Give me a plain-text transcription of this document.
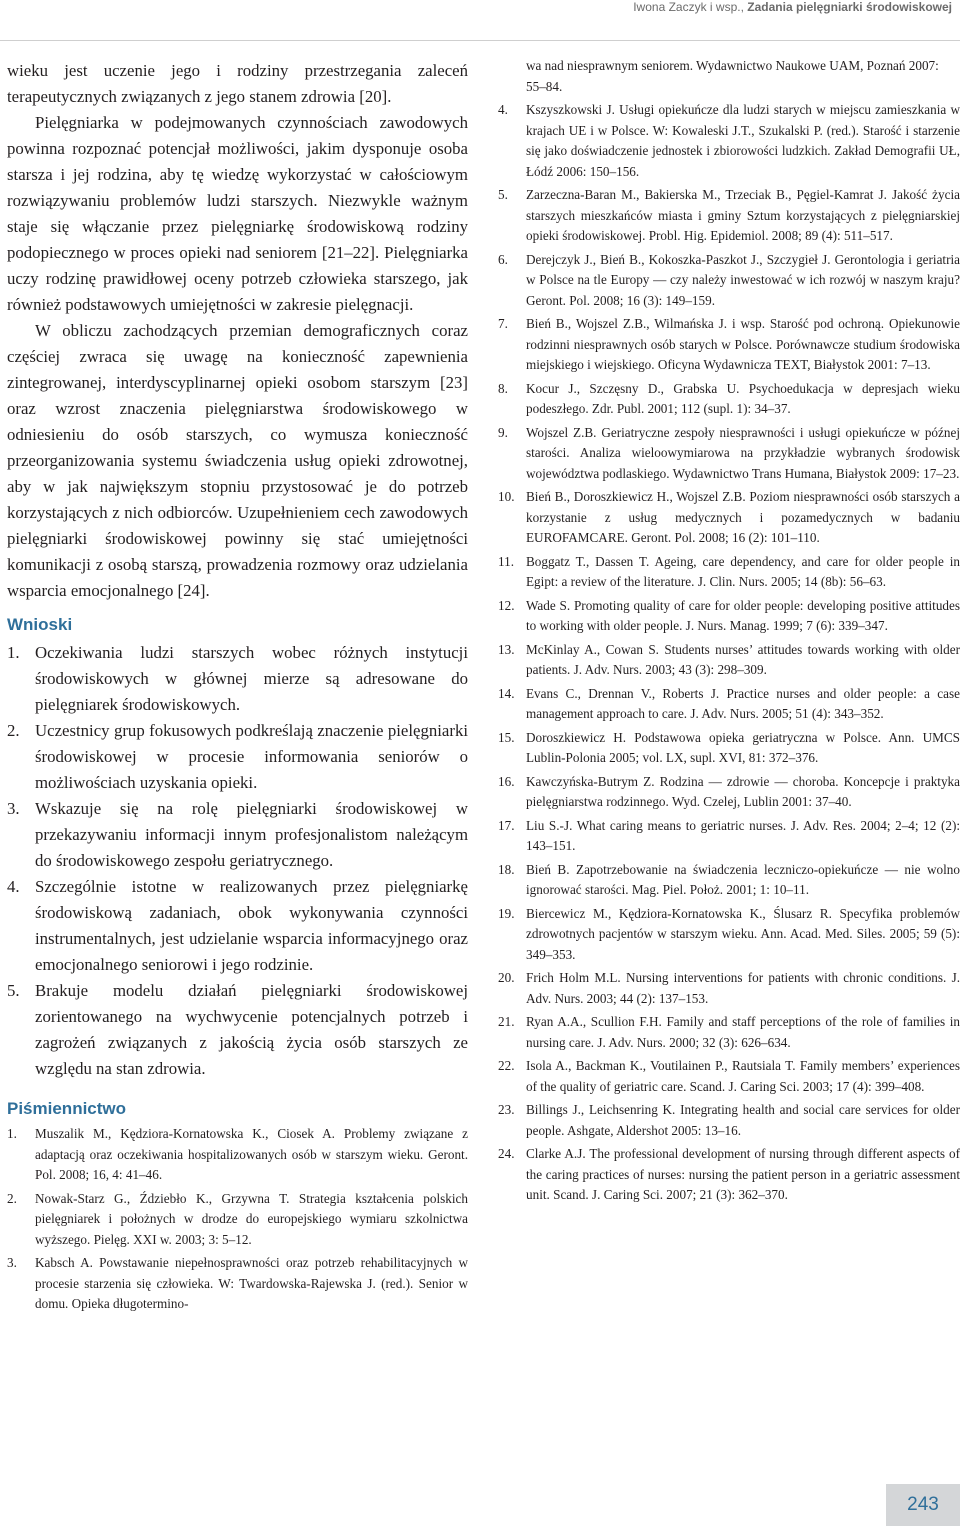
Iwona Zaczyk i wsp., Zadania pielęgniarki środowiskowej

wieku jest uczenie jego i rodziny przestrzegania zaleceń terapeutycznych związanych z jego stanem zdrowia [20].

Pielęgniarka w podejmowanych czynnościach zawodowych powinna rozpoznać potencjał możliwości, jakim dysponuje osoba starsza i jej rodzina, aby tę wiedzę wykorzystać w całościowym rozwiązywaniu problemów ludzi starszych. Niezwykle ważnym staje się włączanie przez pielęgniarkę środowiskową rodziny podopiecznego w proces opieki nad seniorem [21–22]. Pielęgniarka uczy rodzinę prawidłowej oceny potrzeb człowieka starszego, jak również podstawowych umiejętności w zakresie pielęgnacji.

W obliczu zachodzących przemian demograficznych coraz częściej zwraca się uwagę na konieczność zapewnienia zintegrowanej, interdyscyplinarnej opieki osobom starszym [23] oraz wzrost znaczenia pielęgniarstwa środowiskowego w odniesieniu do osób starszych, co wymusza konieczność przeorganizowania systemu świadczenia usług opieki zdrowotnej, aby w jak największym stopniu przystosować je do potrzeb korzystających z nich odbiorców. Uzupełnieniem cech zawodowych pielęgniarki środowiskowej powinny się stać umiejętności komunikacji z osobą starszą, prowadzenia rozmowy oraz udzielania wsparcia emocjonalnego [24].

Wnioski
1. Oczekiwania ludzi starszych wobec różnych instytucji środowiskowych w głównej mierze są adresowane do pielęgniarek środowiskowych.
2. Uczestnicy grup fokusowych podkreślają znaczenie pielęgniarki środowiskowej w procesie informowania seniorów o możliwościach uzyskania opieki.
3. Wskazuje się na rolę pielęgniarki środowiskowej w przekazywaniu informacji innym profesjonalistom należącym do środowiskowego zespołu geriatrycznego.
4. Szczególnie istotne w realizowanych przez pielęgniarkę środowiskową zadaniach, obok wykonywania czynności instrumentalnych, jest udzielanie wsparcia informacyjnego oraz emocjonalnego seniorowi i jego rodzinie.
5. Brakuje modelu działań pielęgniarki środowiskowej zorientowanego na wychwycenie potencjalnych potrzeb i zagrożeń związanych z jakością życia osób starszych ze względu na stan zdrowia.
Piśmiennictwo
1.	Muszalik M., Kędziora-Kornatowska K., Ciosek A. Problemy związane z adaptacją oraz oczekiwania hospitalizowanych osób w starszym wieku. Geront. Pol. 2008; 16, 4: 41–46.
2.	Nowak-Starz G., Ździebło K., Grzywna T. Strategia kształcenia polskich pielęgniarek i położnych w drodze do europejskiego wymiaru szkolnictwa wyższego. Pielęg. XXI w. 2003; 3: 5–12.
3.	Kabsch A. Powstawanie niepełnosprawności oraz potrzeb rehabilitacyjnych w procesie starzenia się człowieka. W: Twardowska-Rajewska J. (red.). Senior w domu. Opieka długotermino-
wa nad niesprawnym seniorem. Wydawnictwo Naukowe UAM, Poznań 2007: 55–84.
4.	Kszyszkowski J. Usługi opiekuńcze dla ludzi starych w miejscu zamieszkania w krajach UE i w Polsce. W: Kowaleski J.T., Szukalski P. (red.). Starość i starzenie się jako doświadczenie jednostek i zbiorowości ludzkich. Zakład Demografii UŁ, Łódź 2006: 150–156.
5.	Zarzeczna-Baran M., Bakierska M., Trzeciak B., Pęgiel-Kamrat J. Jakość życia starszych mieszkańców miasta i gminy Sztum korzystających z pielęgniarskiej opieki środowiskowej. Probl. Hig. Epidemiol. 2008; 89 (4): 511–517.
6.	Derejczyk J., Bień B., Kokoszka-Paszkot J., Szczygieł J. Gerontologia i geriatria w Polsce na tle Europy — czy należy inwestować w ich rozwój w naszym kraju? Geront. Pol. 2008; 16 (3): 149–159.
7.	Bień B., Wojszel Z.B., Wilmańska J. i wsp. Starość pod ochroną. Opiekunowie rodzinni niesprawnych osób starych w Polsce. Porównawcze studium środowiska miejskiego i wiejskiego. Oficyna Wydawnicza TEXT, Białystok 2001: 7–13.
8.	Kocur J., Szczęsny D., Grabska U. Psychoedukacja w depresjach wieku podeszłego. Zdr. Publ. 2001; 112 (supl. 1): 34–37.
9.	Wojszel Z.B. Geriatryczne zespoły niesprawności i usługi opiekuńcze w późnej starości. Analiza wieloowymiarowa na przykładzie wybranych środowisk województwa podlaskiego. Wydawnictwo Trans Humana, Białystok 2009: 17–23.
10. Bień B., Doroszkiewicz H., Wojszel Z.B. Poziom niesprawności osób starszych a korzystanie z usług medycznych i pozamedycznych w badaniu EUROFAMCARE. Geront. Pol. 2008; 16 (2): 101–110.
11. Boggatz T., Dassen T. Ageing, care dependency, and care for older people in Egipt: a review of the literature. J. Clin. Nurs. 2005; 14 (8b): 56–63.
12. Wade S. Promoting quality of care for older people: developing positive attitudes to working with older people. J. Nurs. Manag. 1999; 7 (6): 339–347.
13. McKinlay A., Cowan S. Students nurses’ attitudes towards working with older patients. J. Adv. Nurs. 2003; 43 (3): 298–309.
14. Evans C., Drennan V., Roberts J. Practice nurses and older people: a case management approach to care. J. Adv. Nurs. 2005; 51 (4): 343–352.
15. Doroszkiewicz H. Podstawowa opieka geriatryczna w Polsce. Ann. UMCS Lublin-Polonia 2005; vol. LX, supl. XVI, 81: 372–376.
16. Kawczyńska-Butrym Z. Rodzina — zdrowie — choroba. Koncepcje i praktyka pielęgniarstwa rodzinnego. Wyd. Czelej, Lublin 2001: 37–40.
17. Liu S.-J. What caring means to geriatric nurses. J. Adv. Res. 2004; 2–4; 12 (2): 143–151.
18. Bień B. Zapotrzebowanie na świadczenia leczniczo-opiekuńcze — nie wolno ignorować starości. Mag. Piel. Położ. 2001; 1: 10–11.
19. Biercewicz M., Kędziora-Kornatowska K., Ślusarz R. Specyfika problemów zdrowotnych pacjentów w starszym wieku. Ann. Acad. Med. Siles. 2005; 59 (5): 349–353.
20. Frich Holm M.L. Nursing interventions for patients with chronic conditions. J. Adv. Nurs. 2003; 44 (2): 137–153.
21. Ryan A.A., Scullion F.H. Family and staff perceptions of the role of families in nursing care. J. Adv. Nurs. 2000; 32 (3): 626–634.
22. Isola A., Backman K., Voutilainen P., Rautsiala T. Family members’ experiences of the quality of geriatric care. Scand. J. Caring Sci. 2003; 17 (4): 399–408.
23. Billings J., Leichsenring K. Integrating health and social care services for older people. Ashgate, Aldershot 2005: 13–16.
24. Clarke A.J. The professional development of nursing through different aspects of the caring practices of nurses: nursing the patient person in a geriatric assessment unit. Scand. J. Caring Sci. 2007; 21 (3): 362–370.
243
